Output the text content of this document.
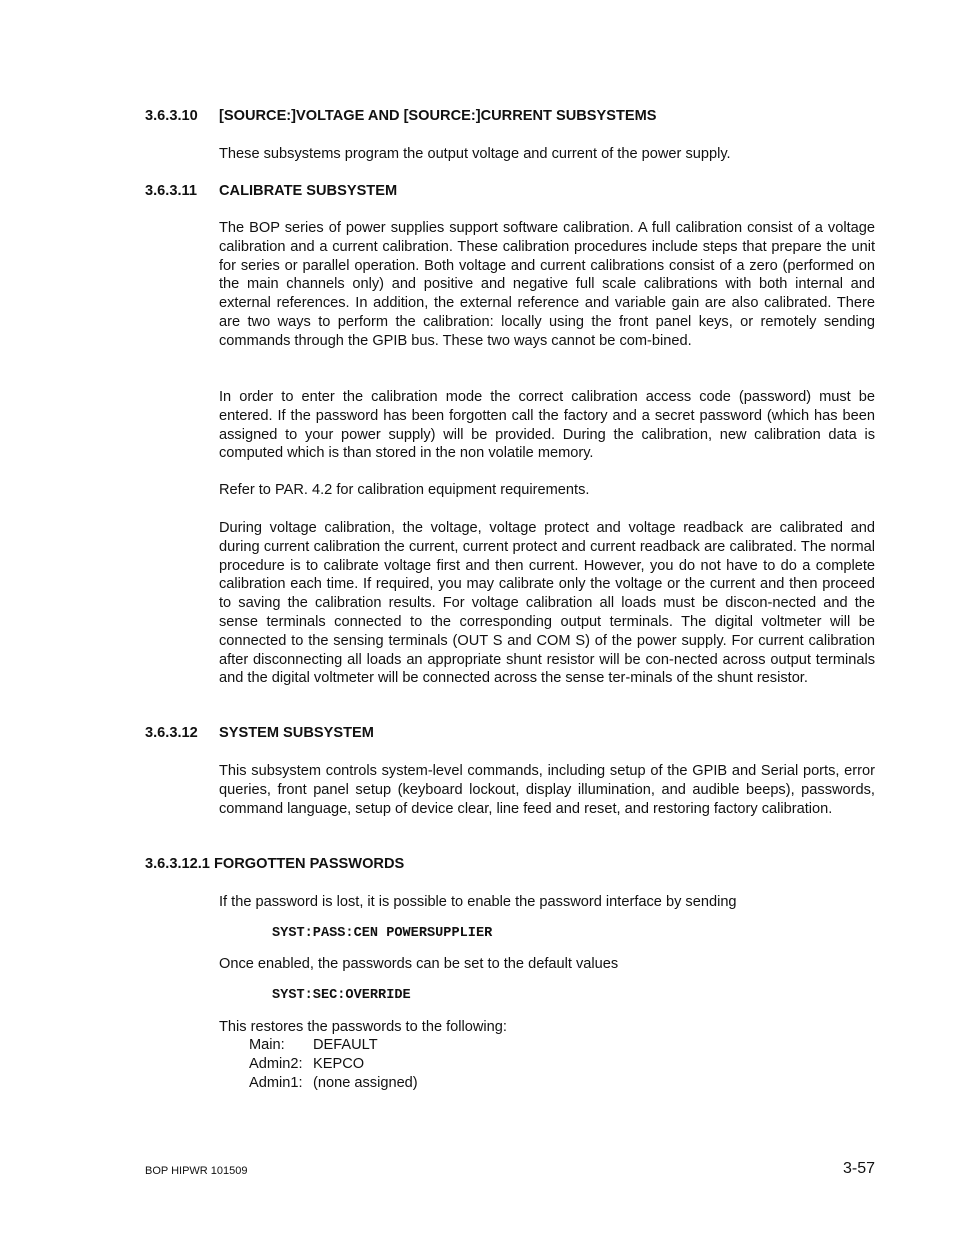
3.6.3.10 [SOURCE:]VOLTAGE AND [SOURCE:]CURRENT SUBSYSTEMS
These subsystems program the output voltage and current of the power supply.
3.6.3.11 CALIBRATE SUBSYSTEM
The BOP series of power supplies support software calibration. A full calibration consist of a voltage calibration and a current calibration. These calibration procedures include steps that prepare the unit for series or parallel operation. Both voltage and current calibrations consist of a zero (performed on the main channels only) and positive and negative full scale calibrations with both internal and external references. In addition, the external reference and variable gain are also calibrated. There are two ways to perform the calibration: locally using the front panel keys, or remotely sending commands through the GPIB bus. These two ways cannot be com-bined.
In order to enter the calibration mode the correct calibration access code (password) must be entered. If the password has been forgotten call the factory and a secret password (which has been assigned to your power supply) will be provided. During the calibration, new calibration data is computed which is than stored in the non volatile memory.
Refer to PAR. 4.2 for calibration equipment requirements.
During voltage calibration, the voltage, voltage protect and voltage readback are calibrated and during current calibration the current, current protect and current readback are calibrated. The normal procedure is to calibrate voltage first and then current. However, you do not have to do a complete calibration each time. If required, you may calibrate only the voltage or the current and then proceed to saving the calibration results. For voltage calibration all loads must be discon-nected and the sense terminals connected to the corresponding output terminals. The digital voltmeter will be connected to the sensing terminals (OUT S and COM S) of the power supply. For current calibration after disconnecting all loads an appropriate shunt resistor will be con-nected across output terminals and the digital voltmeter will be connected across the sense ter-minals of the shunt resistor.
3.6.3.12 SYSTEM SUBSYSTEM
This subsystem controls system-level commands, including setup of the GPIB and Serial ports, error queries, front panel setup (keyboard lockout, display illumination, and audible beeps), passwords, command language, setup of device clear, line feed and reset, and restoring factory calibration.
3.6.3.12.1 FORGOTTEN PASSWORDS
If the password is lost, it is possible to enable the password interface by sending
SYST:PASS:CEN POWERSUPPLIER
Once enabled, the passwords can be set to the default values
SYST:SEC:OVERRIDE
This restores the passwords to the following:
Main: DEFAULT
Admin2: KEPCO
Admin1: (none assigned)
BOP HIPWR 101509	3-57
